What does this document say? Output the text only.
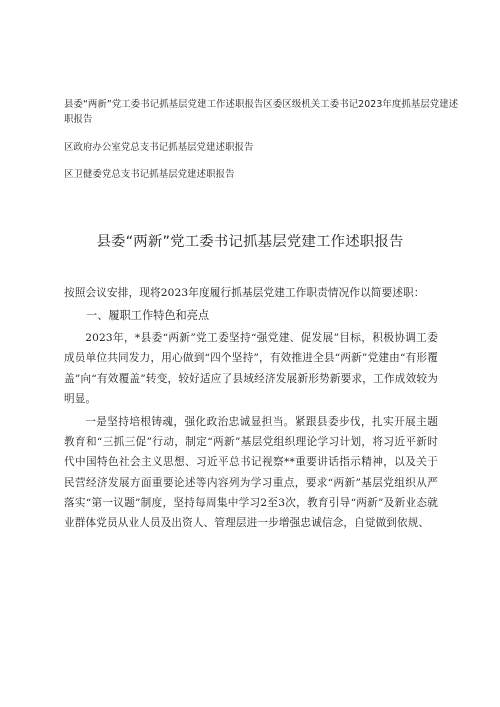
县委“两新”党工委书记抓基层党建工作述职报告区委区级机关工委书记2023年度抓基层党建述职报告

区政府办公室党总支书记抓基层党建述职报告

区卫健委党总支书记抓基层党建述职报告

县委“两新”党工委书记抓基层党建工作述职报告

按照会议安排，现将2023年度履行抓基层党建工作职责情况作以简要述职：

一、履职工作特色和亮点

2023年，*县委“两新”党工委坚持“强党建、促发展”目标，积极协调工委成员单位共同发力，用心做到“四个坚持”，有效推进全县“两新”党建由“有形覆盖”向“有效覆盖”转变，较好适应了县域经济发展新形势新要求，工作成效较为明显。

一是坚持培根铸魂，强化政治忠诚显担当。紧跟县委步伐，扎实开展主题教育和“三抓三促”行动，制定“两新”基层党组织理论学习计划，将习近平新时代中国特色社会主义思想、习近平总书记视察**重要讲话指示精神，以及关于民营经济发展方面重要论述等内容列为学习重点，要求“两新”基层党组织从严落实“第一议题”制度，坚持每周集中学习2至3次，教育引导“两新”及新业态就业群体党员从业人员及出资人、管理层进一步增强忠诚信念，自觉做到依规、
